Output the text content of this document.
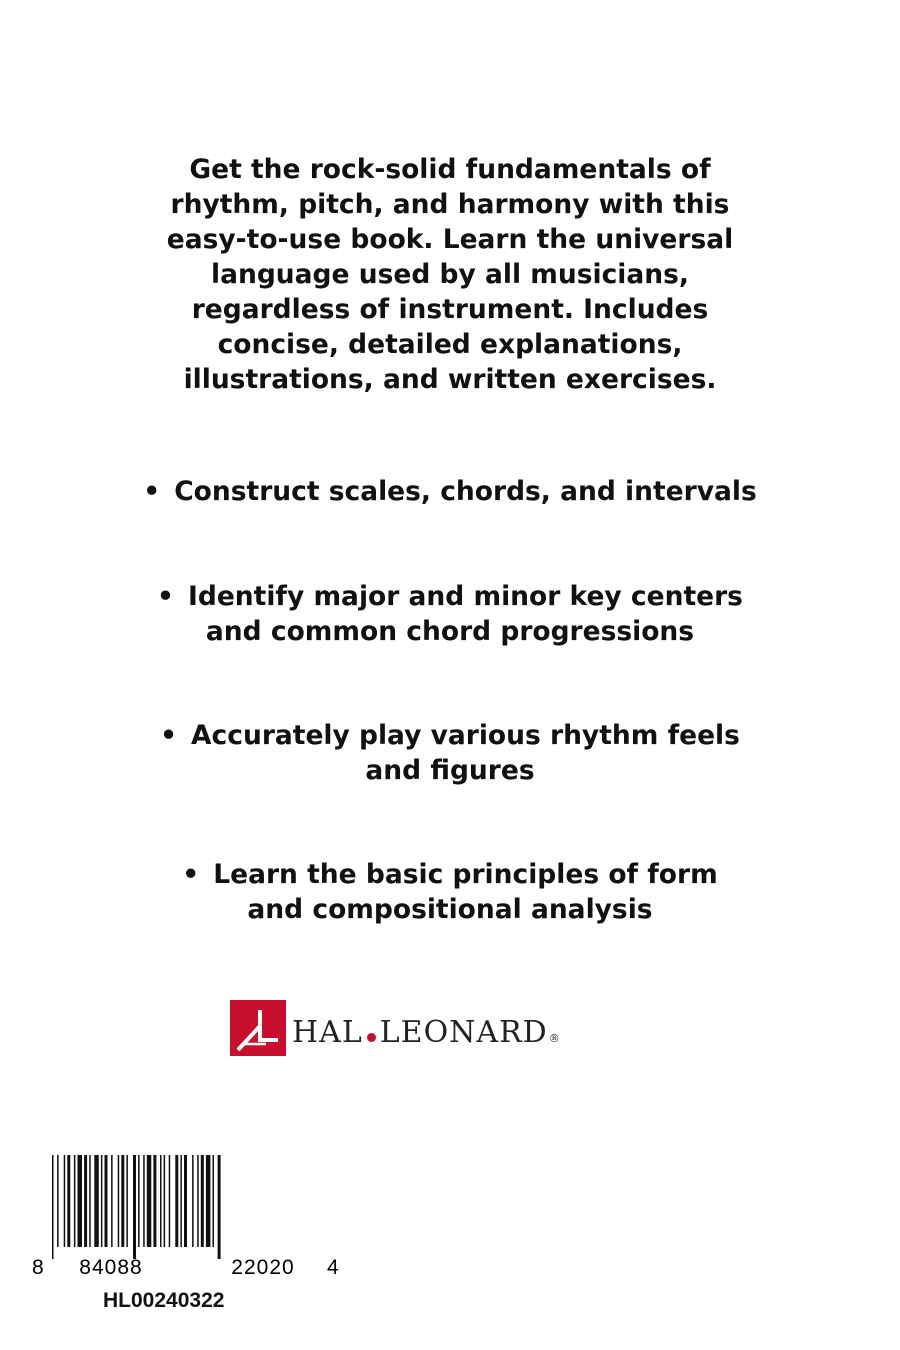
Get the rock-solid fundamentals of
rhythm, pitch, and harmony with this
easy-to-use book. Learn the universal
language used by all musicians,
regardless of instrument. Includes
concise, detailed explanations,
illustrations, and written exercises.

• Construct scales, chords, and intervals

• Identify major and minor key centers
and common chord progressions

• Accurately play various rhythm feels
and figures

• Learn the basic principles of form
and compositional analysis

HAL LEONARD ®
8 84088	22020 4
HL00240322
